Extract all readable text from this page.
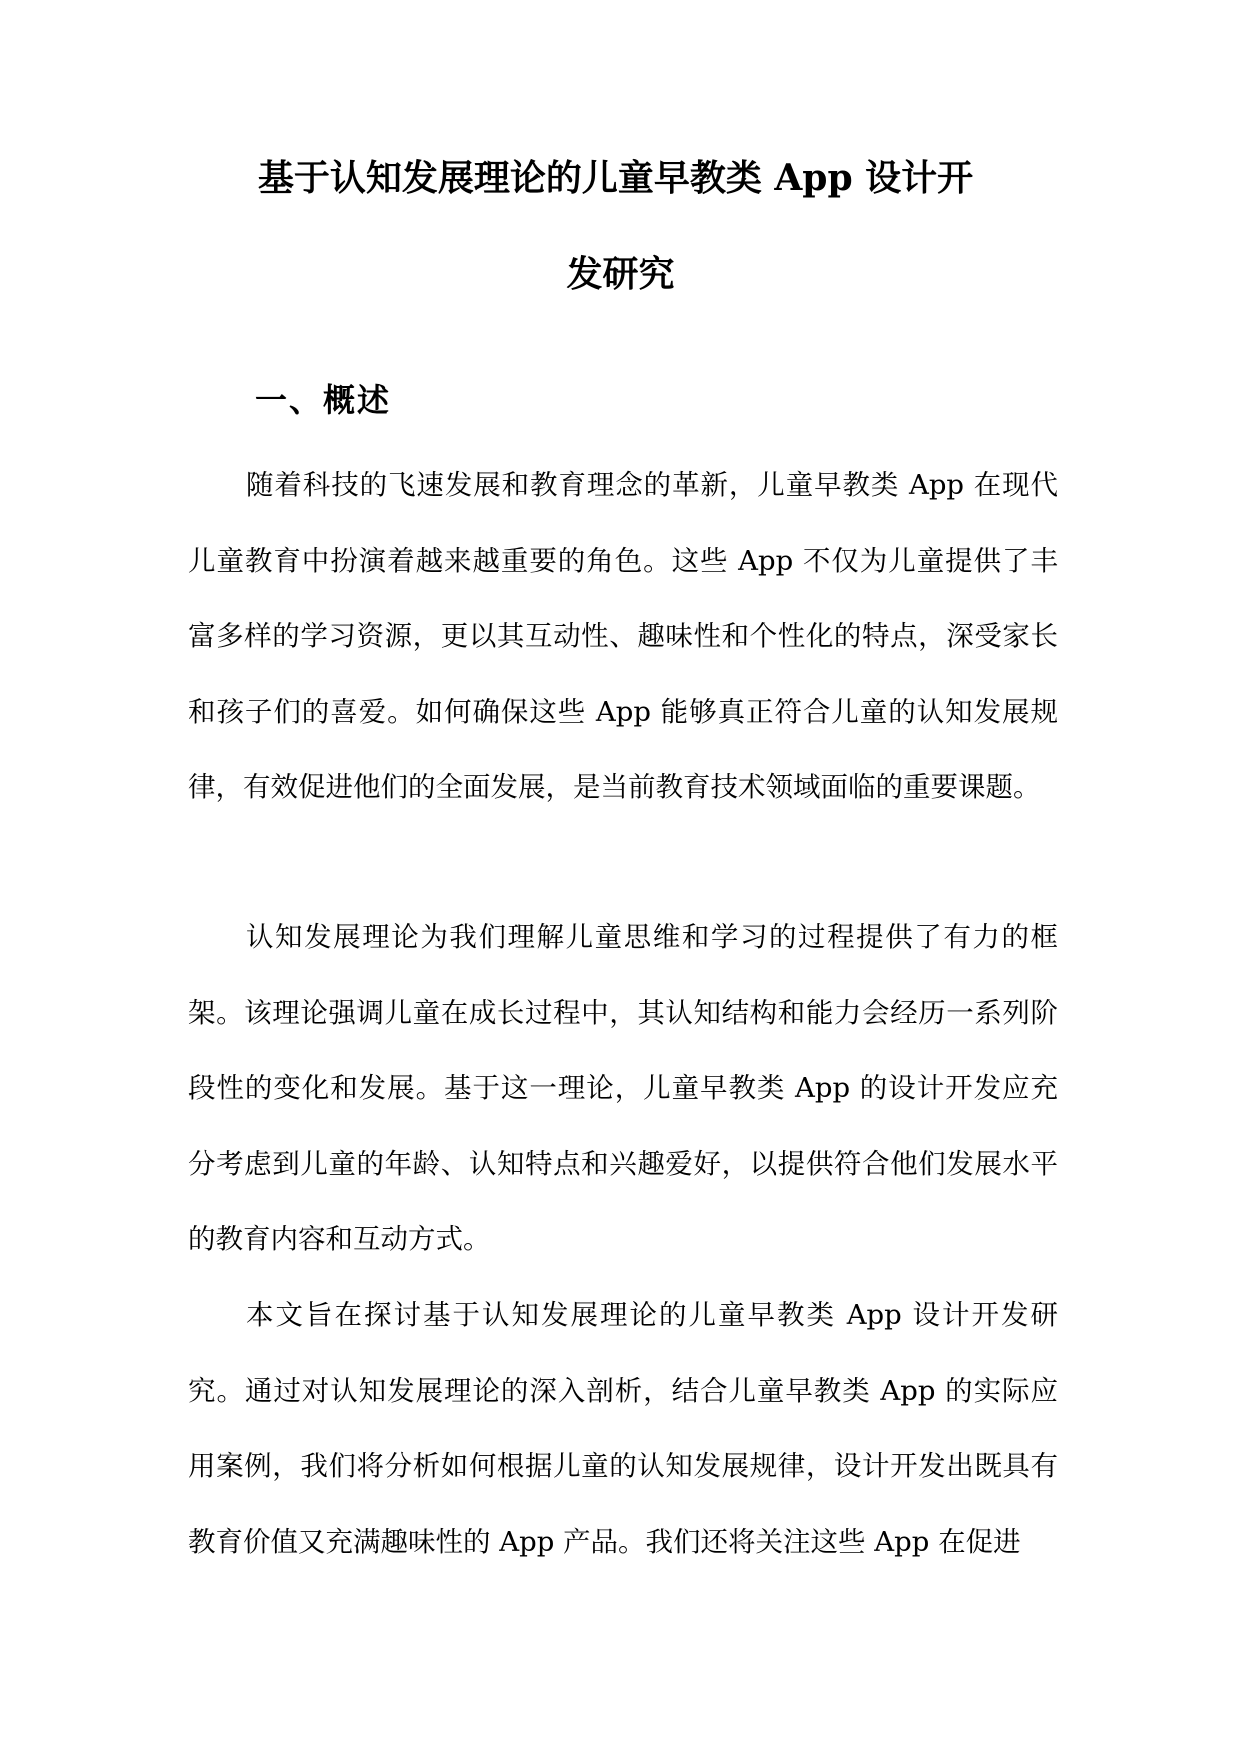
基于认知发展理论的儿童早教类 App 设计开
发研究
一、概述

随着科技的飞速发展和教育理念的革新，儿童早教类 App 在现代儿童教育中扮演着越来越重要的角色。这些 App 不仅为儿童提供了丰富多样的学习资源，更以其互动性、趣味性和个性化的特点，深受家长和孩子们的喜爱。如何确保这些 App 能够真正符合儿童的认知发展规律，有效促进他们的全面发展，是当前教育技术领域面临的重要课题。

认知发展理论为我们理解儿童思维和学习的过程提供了有力的框架。该理论强调儿童在成长过程中，其认知结构和能力会经历一系列阶段性的变化和发展。基于这一理论，儿童早教类 App 的设计开发应充分考虑到儿童的年龄、认知特点和兴趣爱好，以提供符合他们发展水平的教育内容和互动方式。

本文旨在探讨基于认知发展理论的儿童早教类 App 设计开发研究。通过对认知发展理论的深入剖析，结合儿童早教类 App 的实际应用案例，我们将分析如何根据儿童的认知发展规律，设计开发出既具有教育价值又充满趣味性的 App 产品。我们还将关注这些 App 在促进
